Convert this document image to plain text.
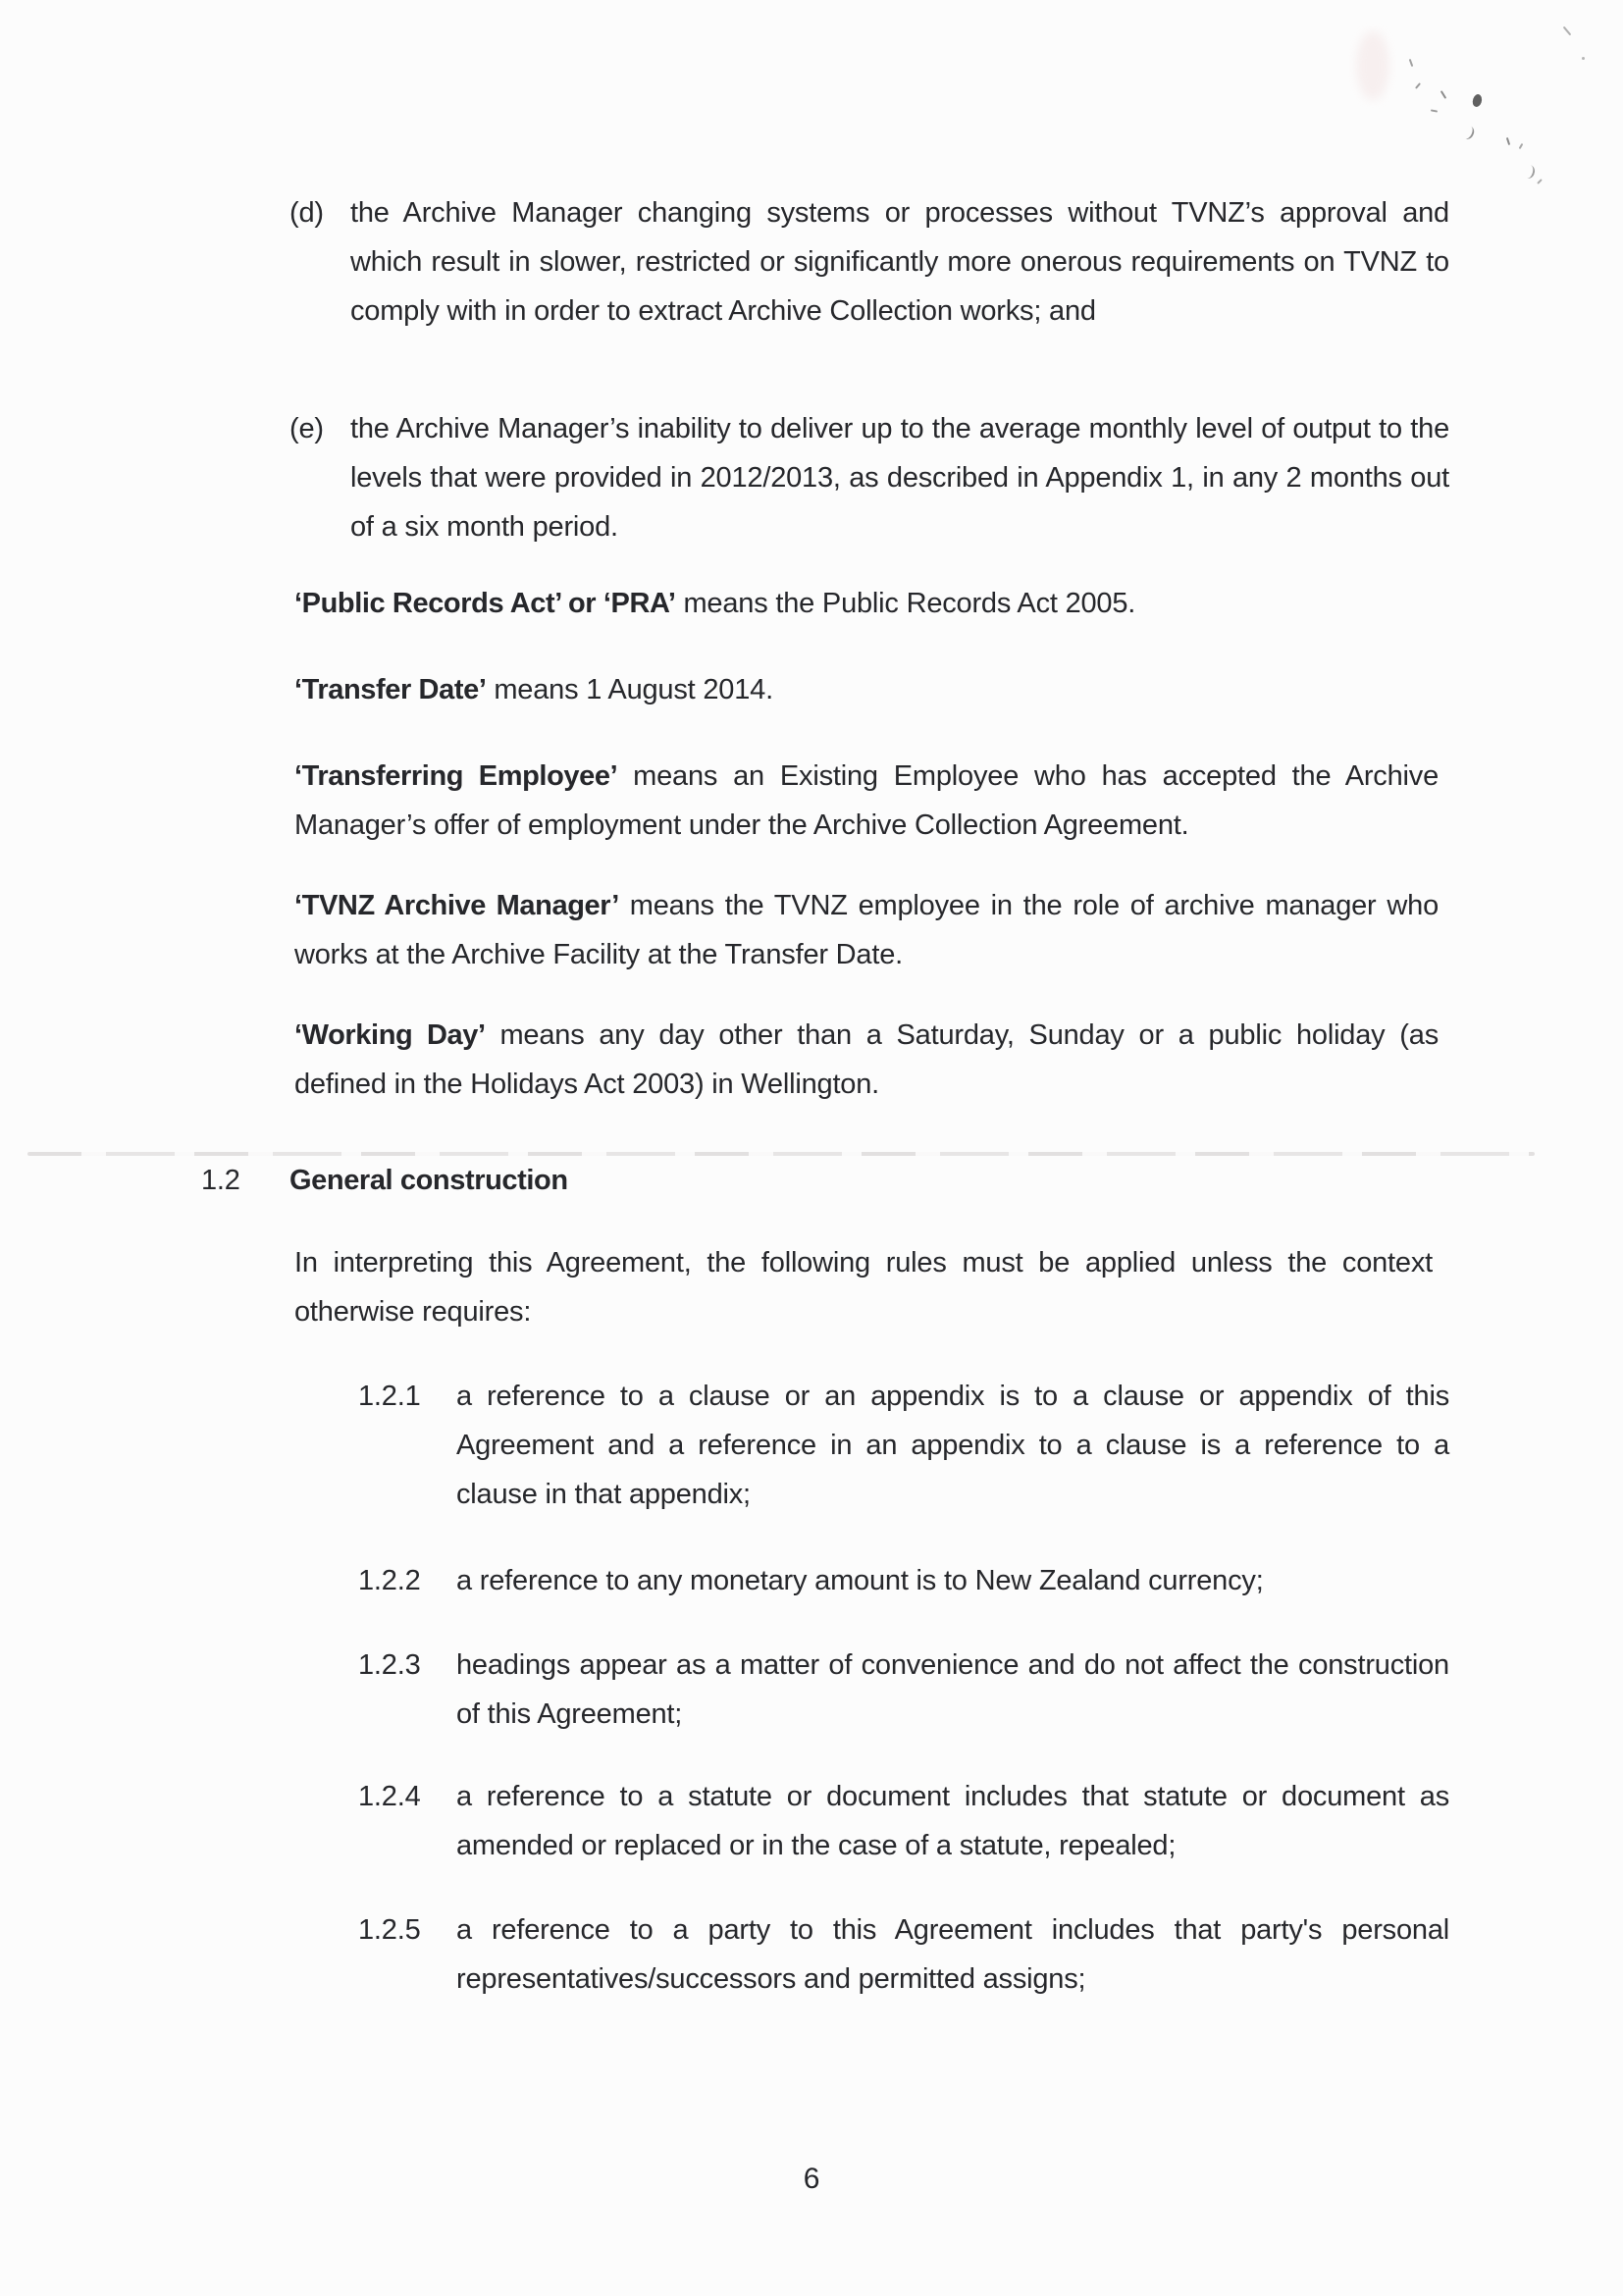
(d) the Archive Manager changing systems or processes without TVNZ’s approval and which result in slower, restricted or significantly more onerous requirements on TVNZ to comply with in order to extract Archive Collection works; and
(e) the Archive Manager’s inability to deliver up to the average monthly level of output to the levels that were provided in 2012/2013, as described in Appendix 1, in any 2 months out of a six month period.

‘Public Records Act’ or ‘PRA’ means the Public Records Act 2005.

‘Transfer Date’ means 1 August 2014.

‘Transferring Employee’ means an Existing Employee who has accepted the Archive Manager’s offer of employment under the Archive Collection Agreement.

‘TVNZ Archive Manager’ means the TVNZ employee in the role of archive manager who works at the Archive Facility at the Transfer Date.

‘Working Day’ means any day other than a Saturday, Sunday or a public holiday (as defined in the Holidays Act 2003) in Wellington.

1.2	General construction

In interpreting this Agreement, the following rules must be applied unless the context otherwise requires:

1.2.1	a reference to a clause or an appendix is to a clause or appendix of this Agreement and a reference in an appendix to a clause is a reference to a clause in that appendix;
1.2.2	a reference to any monetary amount is to New Zealand currency;
1.2.3	headings appear as a matter of convenience and do not affect the construction of this Agreement;
1.2.4	a reference to a statute or document includes that statute or document as amended or replaced or in the case of a statute, repealed;
1.2.5	a reference to a party to this Agreement includes that party's personal representatives/successors and permitted assigns;
6
